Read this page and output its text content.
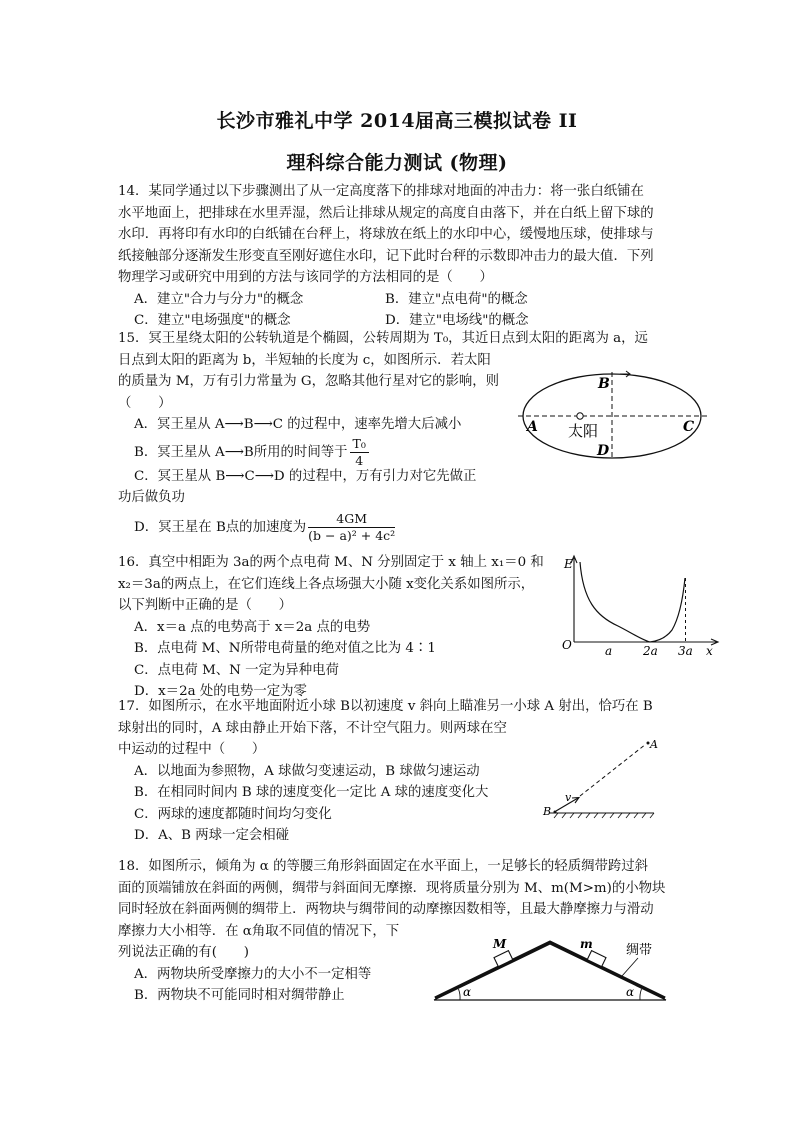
长沙市雅礼中学 2014届高三模拟试卷 II
理科综合能力测试 (物理)
14．某同学通过以下步骤测出了从一定高度落下的排球对地面的冲击力：将一张白纸铺在
水平地面上，把排球在水里弄湿，然后让排球从规定的高度自由落下，并在白纸上留下球的
水印．再将印有水印的白纸铺在台秤上，将球放在纸上的水印中心，缓慢地压球，使排球与
纸接触部分逐渐发生形变直至刚好遮住水印，记下此时台秤的示数即冲击力的最大值．下列
物理学习或研究中用到的方法与该同学的方法相同的是（　　）
A．建立"合力与分力"的概念	B．建立"点电荷"的概念
C．建立"电场强度"的概念	D．建立"电场线"的概念
15．冥王星绕太阳的公转轨道是个椭圆，公转周期为 T₀，其近日点到太阳的距离为 a，远
日点到太阳的距离为 b，半短轴的长度为 c，如图所示．若太阳
的质量为 M，万有引力常量为 G，忽略其他行星对它的影响，则
（　　）
A．冥王星从 A⟶B⟶C 的过程中，速率先增大后减小
B．冥王星从 A⟶B所用的时间等于 $\frac{\text{T₀}}{4}$
C．冥王星从 B⟶C⟶D 的过程中，万有引力对它先做正
功后做负功
D．冥王星在 B点的加速度为 $\frac{4GM}{\text{(b − a)² + 4c²}}$
A
B
C
D
太阳
16．真空中相距为 3a的两个点电荷 M、N 分别固定于 x 轴上 x₁＝0 和
x₂＝3a的两点上，在它们连线上各点场强大小随 x变化关系如图所示，
以下判断中正确的是（　　）
A．x＝a 点的电势高于 x＝2a 点的电势
B．点电荷 M、N所带电荷量的绝对值之比为 4∶1
C．点电荷 M、N 一定为异种电荷
D．x＝2a 处的电势一定为零
E
O	a	2a 3a x
17．如图所示，在水平地面附近小球 B以初速度 v 斜向上瞄准另一小球 A 射出，恰巧在 B
球射出的同时，A 球由静止开始下落，不计空气阻力。则两球在空
中运动的过程中（　　）
A．以地面为参照物，A 球做匀变速运动，B 球做匀速运动
B．在相同时间内 B 球的速度变化一定比 A 球的速度变化大
C．两球的速度都随时间均匀变化
D．A、B 两球一定会相碰
A
B
v
18．如图所示，倾角为 α 的等腰三角形斜面固定在水平面上，一足够长的轻质绸带跨过斜
面的顶端铺放在斜面的两侧，绸带与斜面间无摩擦．现将质量分别为 M、m(M>m)的小物块
同时轻放在斜面两侧的绸带上．两物块与绸带间的动摩擦因数相等，且最大静摩擦力与滑动
摩擦力大小相等．在 α角取不同值的情况下，下
列说法正确的有(　　)
A．两物块所受摩擦力的大小不一定相等
B．两物块不可能同时相对绸带静止
M	m	绸带
α	α
